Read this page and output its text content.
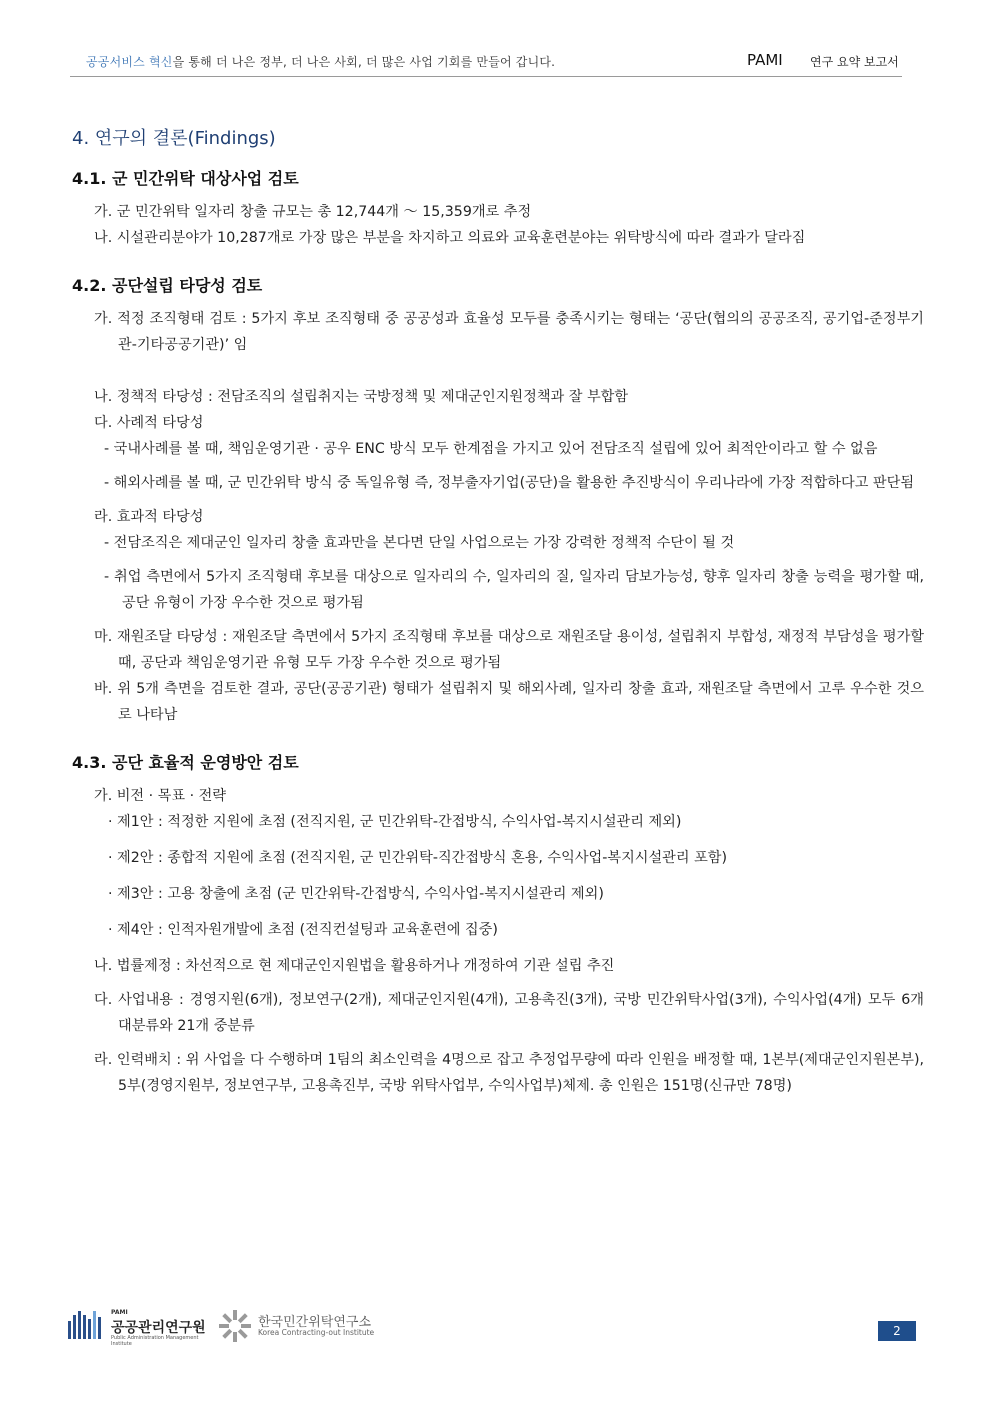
공공서비스 혁신을 통해 더 나은 정부, 더 나은 사회, 더 많은 사업 기회를 만들어 갑니다.	PAMI 연구 요약 보고서
4. 연구의 결론(Findings)
4.1. 군 민간위탁 대상사업 검토
가. 군 민간위탁 일자리 창출 규모는 총 12,744개 ～ 15,359개로 추정
나. 시설관리분야가 10,287개로 가장 많은 부분을 차지하고 의료와 교육훈련분야는 위탁방식에 따라 결과가 달라짐
4.2. 공단설립 타당성 검토
가. 적정 조직형태 검토 : 5가지 후보 조직형태 중 공공성과 효율성 모두를 충족시키는 형태는 ‘공단(협의의 공공조직, 공기업-준정부기관-기타공공기관)’ 임
나. 정책적 타당성 : 전담조직의 설립취지는 국방정책 및 제대군인지원정책과 잘 부합함
다. 사례적 타당성
- 국내사례를 볼 때, 책임운영기관 · 공우 ENC 방식 모두 한계점을 가지고 있어 전담조직 설립에 있어 최적안이라고 할 수 없음
- 해외사례를 볼 때, 군 민간위탁 방식 중 독일유형 즉, 정부출자기업(공단)을 활용한 추진방식이 우리나라에 가장 적합하다고 판단됨
라. 효과적 타당성
- 전담조직은 제대군인 일자리 창출 효과만을 본다면 단일 사업으로는 가장 강력한 정책적 수단이 될 것
- 취업 측면에서 5가지 조직형태 후보를 대상으로 일자리의 수, 일자리의 질, 일자리 담보가능성, 향후 일자리 창출 능력을 평가할 때, 공단 유형이 가장 우수한 것으로 평가됨
마. 재원조달 타당성 : 재원조달 측면에서 5가지 조직형태 후보를 대상으로 재원조달 용이성, 설립취지 부합성, 재정적 부담성을 평가할 때, 공단과 책임운영기관 유형 모두 가장 우수한 것으로 평가됨
바. 위 5개 측면을 검토한 결과, 공단(공공기관) 형태가 설립취지 및 해외사례, 일자리 창출 효과, 재원조달 측면에서 고루 우수한 것으로 나타남
4.3. 공단 효율적 운영방안 검토
가. 비전 · 목표 · 전략
· 제1안 : 적정한 지원에 초점 (전직지원, 군 민간위탁-간접방식, 수익사업-복지시설관리 제외)
· 제2안 : 종합적 지원에 초점 (전직지원, 군 민간위탁-직간접방식 혼용, 수익사업-복지시설관리 포함)
· 제3안 : 고용 창출에 초점 (군 민간위탁-간접방식, 수익사업-복지시설관리 제외)
· 제4안 : 인적자원개발에 초점 (전직컨설팅과 교육훈련에 집중)
나. 법률제정 : 차선적으로 현 제대군인지원법을 활용하거나 개정하여 기관 설립 추진
다. 사업내용 : 경영지원(6개), 정보연구(2개), 제대군인지원(4개), 고용촉진(3개), 국방 민간위탁사업(3개), 수익사업(4개) 모두 6개 대분류와 21개 중분류
라. 인력배치 : 위 사업을 다 수행하며 1팀의 최소인력을 4명으로 잡고 추정업무량에 따라 인원을 배정할 때, 1본부(제대군인지원본부), 5부(경영지원부, 정보연구부, 고용촉진부, 국방 위탁사업부, 수익사업부)체제. 총 인원은 151명(신규만 78명)
PAMI
공공관리연구원
Public Administration Management Institute
한국민간위탁연구소
Korea Contracting-out Institute	2
